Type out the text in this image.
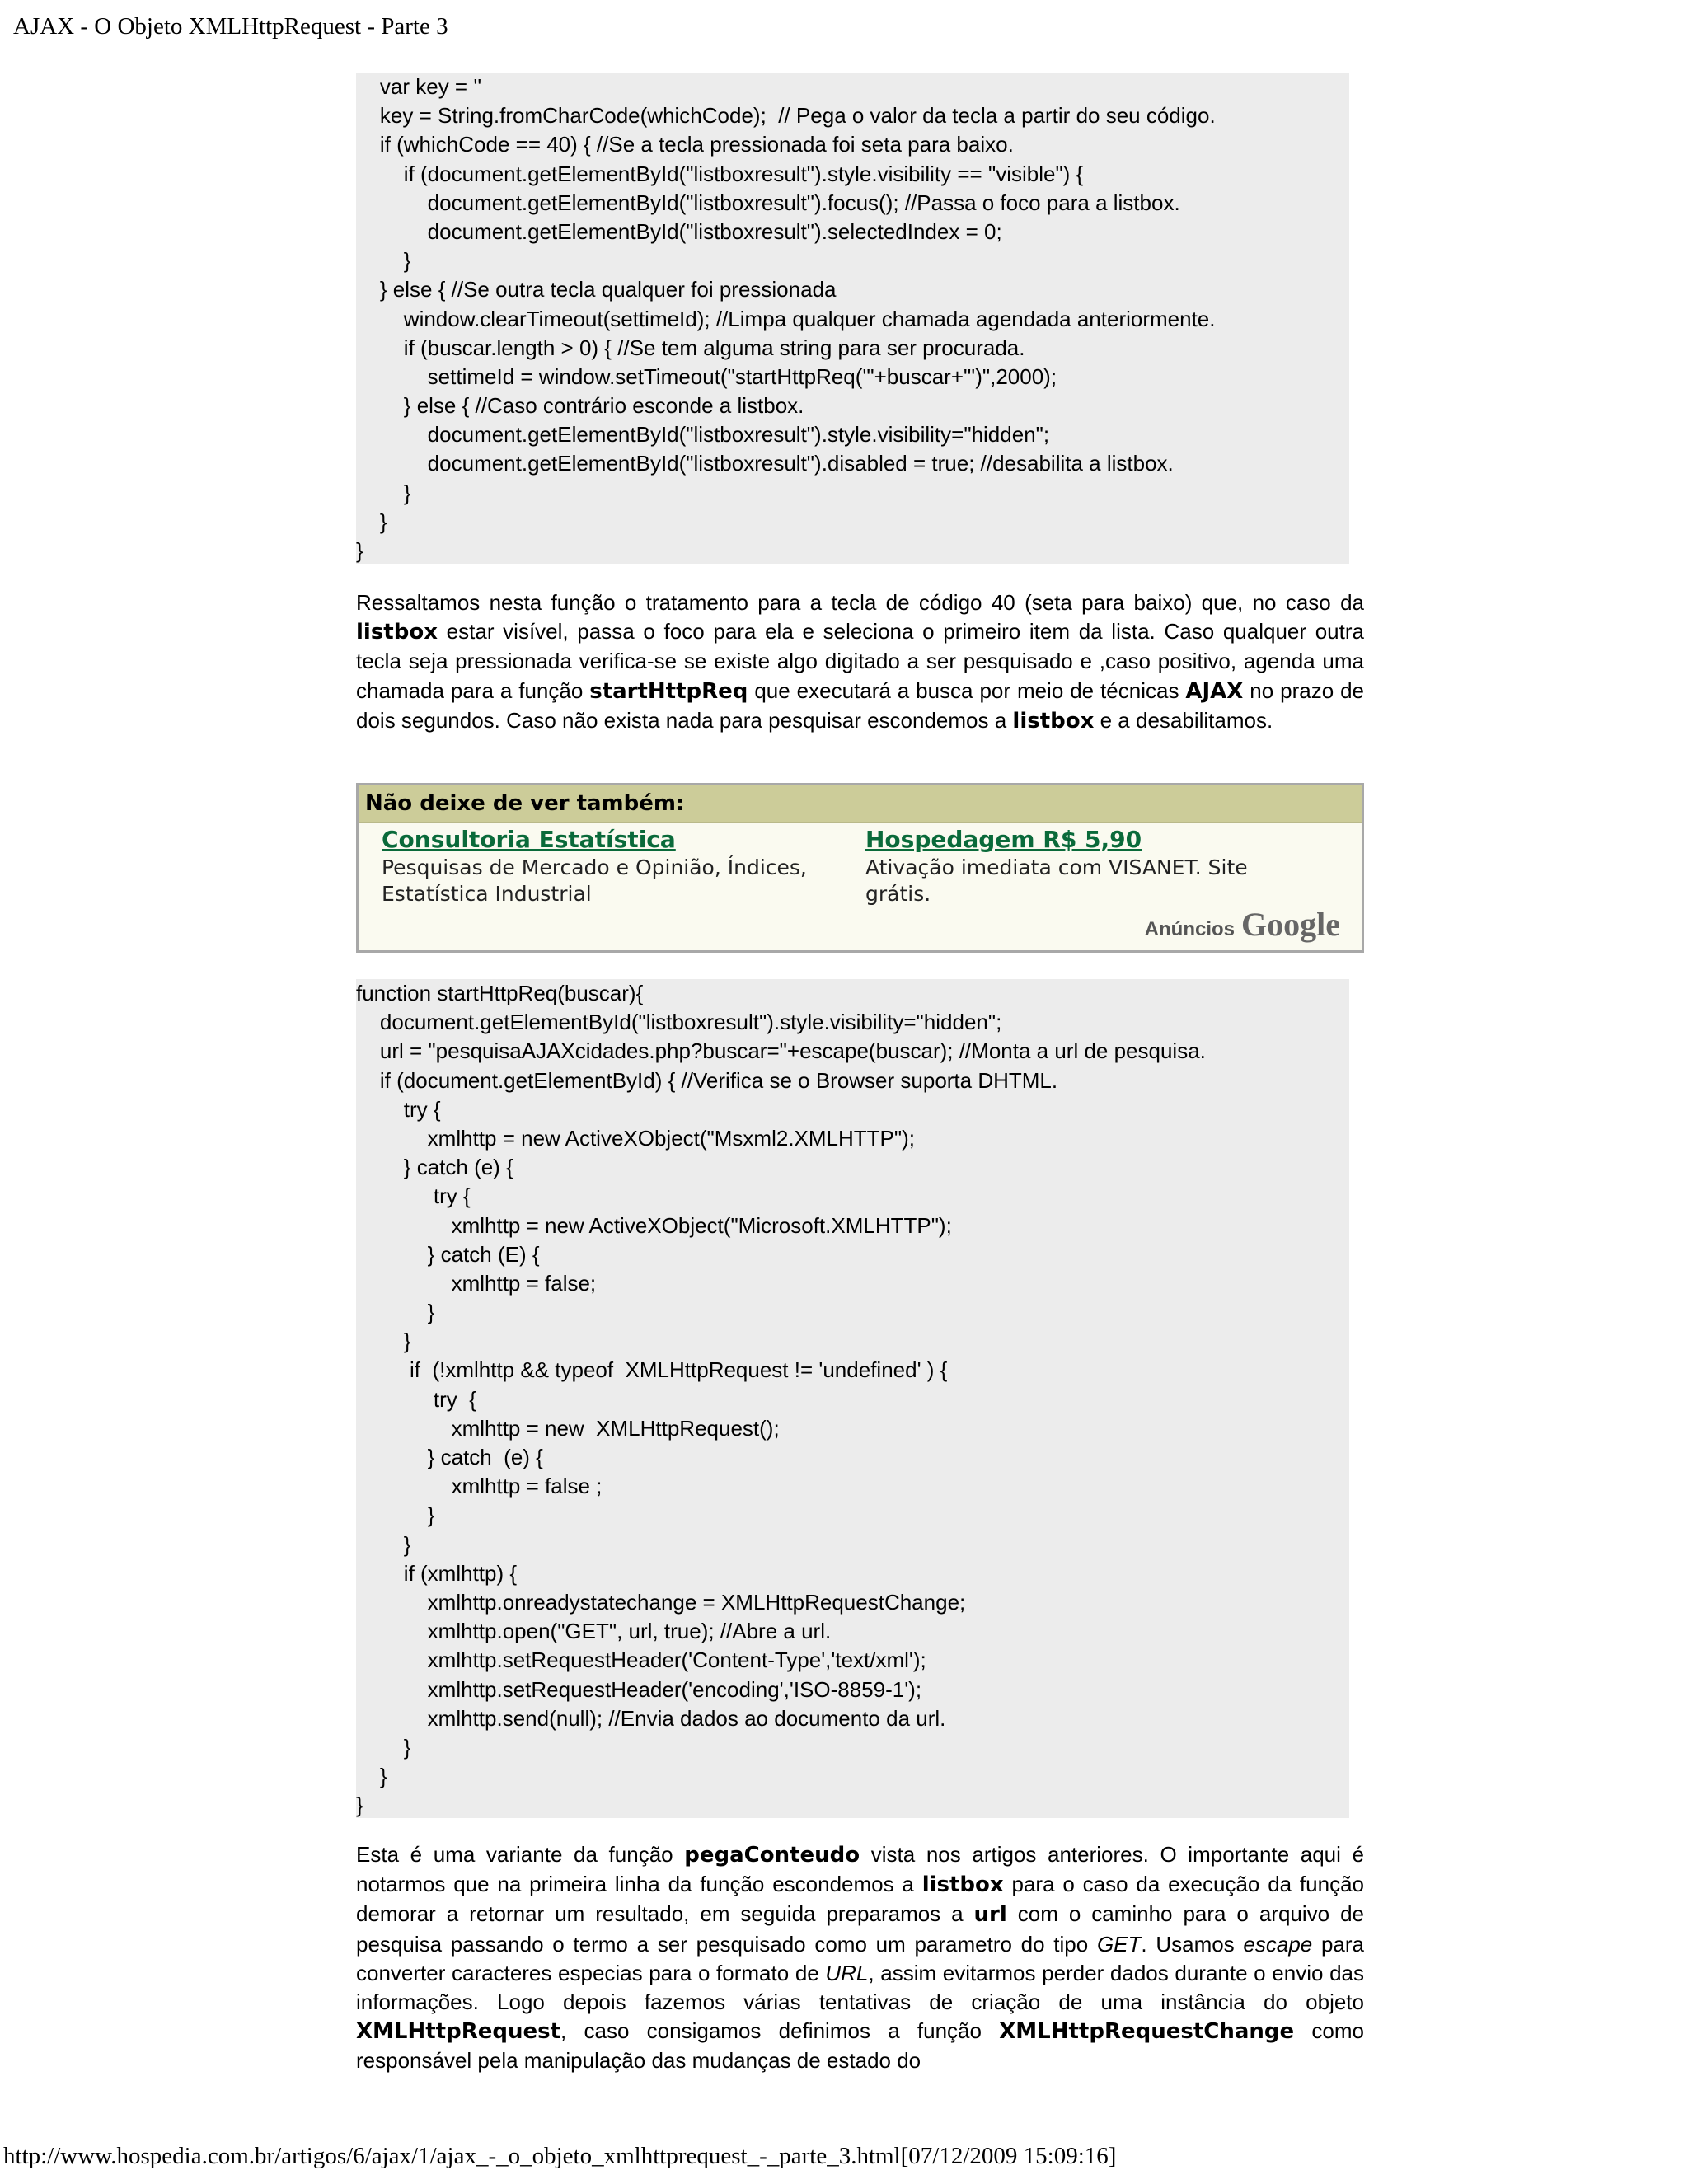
AJAX - O Objeto XMLHttpRequest - Parte 3
var key = ''
key = String.fromCharCode(whichCode);  // Pega o valor da tecla a partir do seu código.
if (whichCode == 40) { //Se a tecla pressionada foi seta para baixo.
if (document.getElementById("listboxresult").style.visibility == "visible") {
document.getElementById("listboxresult").focus(); //Passa o foco para a listbox.
document.getElementById("listboxresult").selectedIndex = 0;
}
} else { //Se outra tecla qualquer foi pressionada
window.clearTimeout(settimeId); //Limpa qualquer chamada agendada anteriormente.
if (buscar.length > 0) { //Se tem alguma string para ser procurada.
settimeId = window.setTimeout("startHttpReq('"+buscar+"')",2000);
} else { //Caso contrário esconde a listbox.
document.getElementById("listboxresult").style.visibility="hidden";
document.getElementById("listboxresult").disabled = true; //desabilita a listbox.
}
}
}
Ressaltamos nesta função o tratamento para a tecla de código 40 (seta para baixo) que, no caso da listbox estar visível, passa o foco para ela e seleciona o primeiro item da lista. Caso qualquer outra tecla seja pressionada verifica-se se existe algo digitado a ser pesquisado e ,caso positivo, agenda uma chamada para a função startHttpReq que executará a busca por meio de técnicas AJAX no prazo de dois segundos. Caso não exista nada para pesquisar escondemos a listbox e a desabilitamos.
Não deixe de ver também:
Consultoria Estatística
Pesquisas de Mercado e Opinião, Índices, Estatística Industrial
Hospedagem R$ 5,90
Ativação imediata com VISANET. Site grátis.
Anúncios Google
function startHttpReq(buscar){
document.getElementById("listboxresult").style.visibility="hidden";
url = "pesquisaAJAXcidades.php?buscar="+escape(buscar); //Monta a url de pesquisa.
if (document.getElementById) { //Verifica se o Browser suporta DHTML.
try {
xmlhttp = new ActiveXObject("Msxml2.XMLHTTP");
} catch (e) {
try {
xmlhttp = new ActiveXObject("Microsoft.XMLHTTP");
} catch (E) {
xmlhttp = false;
}
}
if  (!xmlhttp && typeof  XMLHttpRequest != 'undefined' ) {
try  {
xmlhttp = new  XMLHttpRequest();
} catch  (e) {
xmlhttp = false ;
}
}
if (xmlhttp) {
xmlhttp.onreadystatechange = XMLHttpRequestChange;
xmlhttp.open("GET", url, true); //Abre a url.
xmlhttp.setRequestHeader('Content-Type','text/xml');
xmlhttp.setRequestHeader('encoding','ISO-8859-1');
xmlhttp.send(null); //Envia dados ao documento da url.
}
}
}
Esta é uma variante da função pegaConteudo vista nos artigos anteriores. O importante aqui é notarmos que na primeira linha da função escondemos a listbox para o caso da execução da função demorar a retornar um resultado, em seguida preparamos a url com o caminho para o arquivo de pesquisa passando o termo a ser pesquisado como um parametro do tipo GET. Usamos escape para converter caracteres especias para o formato de URL, assim evitarmos perder dados durante o envio das informações. Logo depois fazemos várias tentativas de criação de uma instância do objeto XMLHttpRequest, caso consigamos definimos a função XMLHttpRequestChange como responsável pela manipulação das mudanças de estado do
http://www.hospedia.com.br/artigos/6/ajax/1/ajax_-_o_objeto_xmlhttprequest_-_parte_3.html[07/12/2009 15:09:16]
